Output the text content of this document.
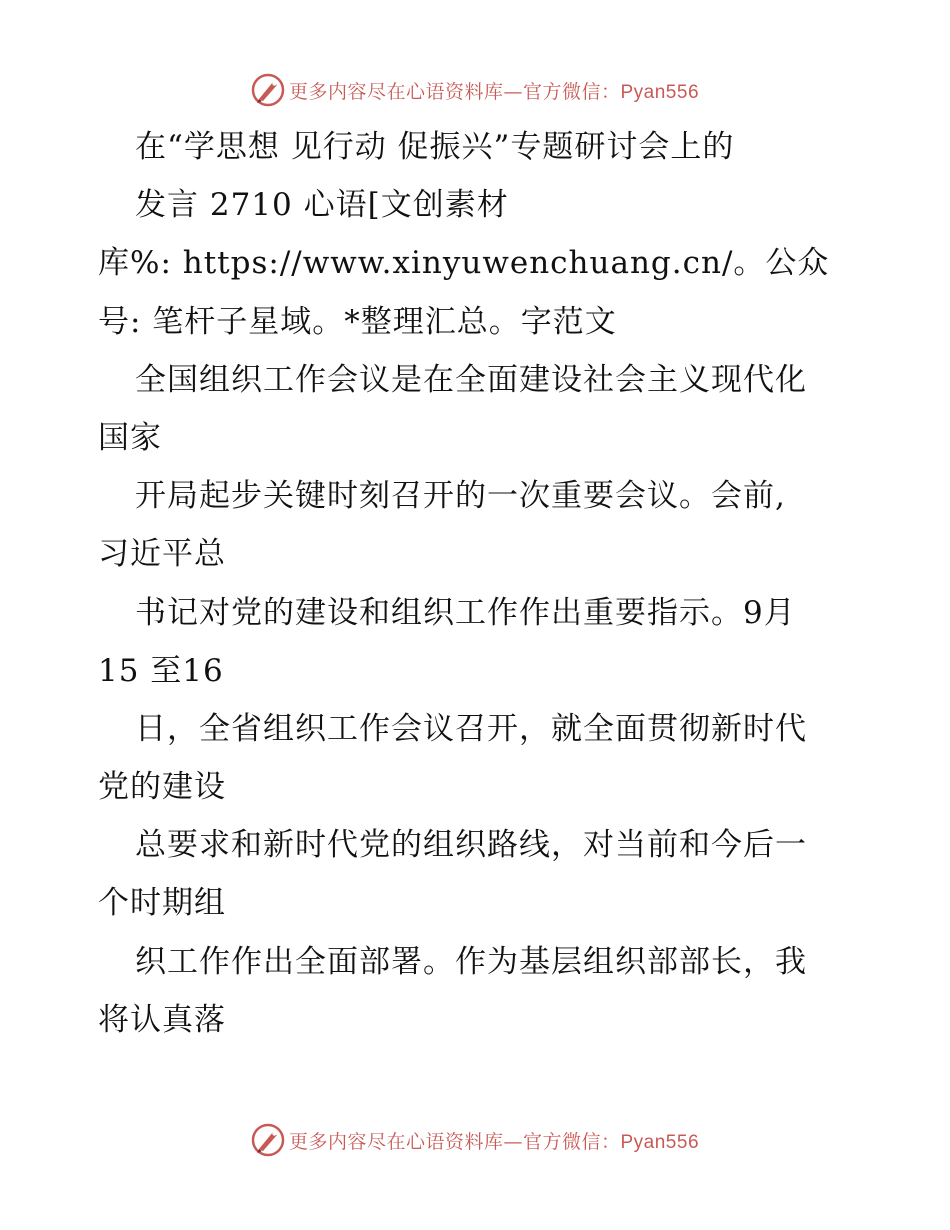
更多内容尽在心语资料库—官方微信：Pyan556
在“学思想 见行动 促振兴”专题研讨会上的
发言 2710 心语[文创素材
库%: https://www.xinyuwenchuang.cn/。公众
号: 笔杆子星域。*整理汇总。字范文
全国组织工作会议是在全面建设社会主义现代化
国家
开局起步关键时刻召开的一次重要会议。会前,
习近平总
书记对党的建设和组织工作作出重要指示。9月
15 至16
日，全省组织工作会议召开，就全面贯彻新时代
党的建设
总要求和新时代党的组织路线，对当前和今后一
个时期组
织工作作出全面部署。作为基层组织部部长，我
将认真落
更多内容尽在心语资料库—官方微信：Pyan556
